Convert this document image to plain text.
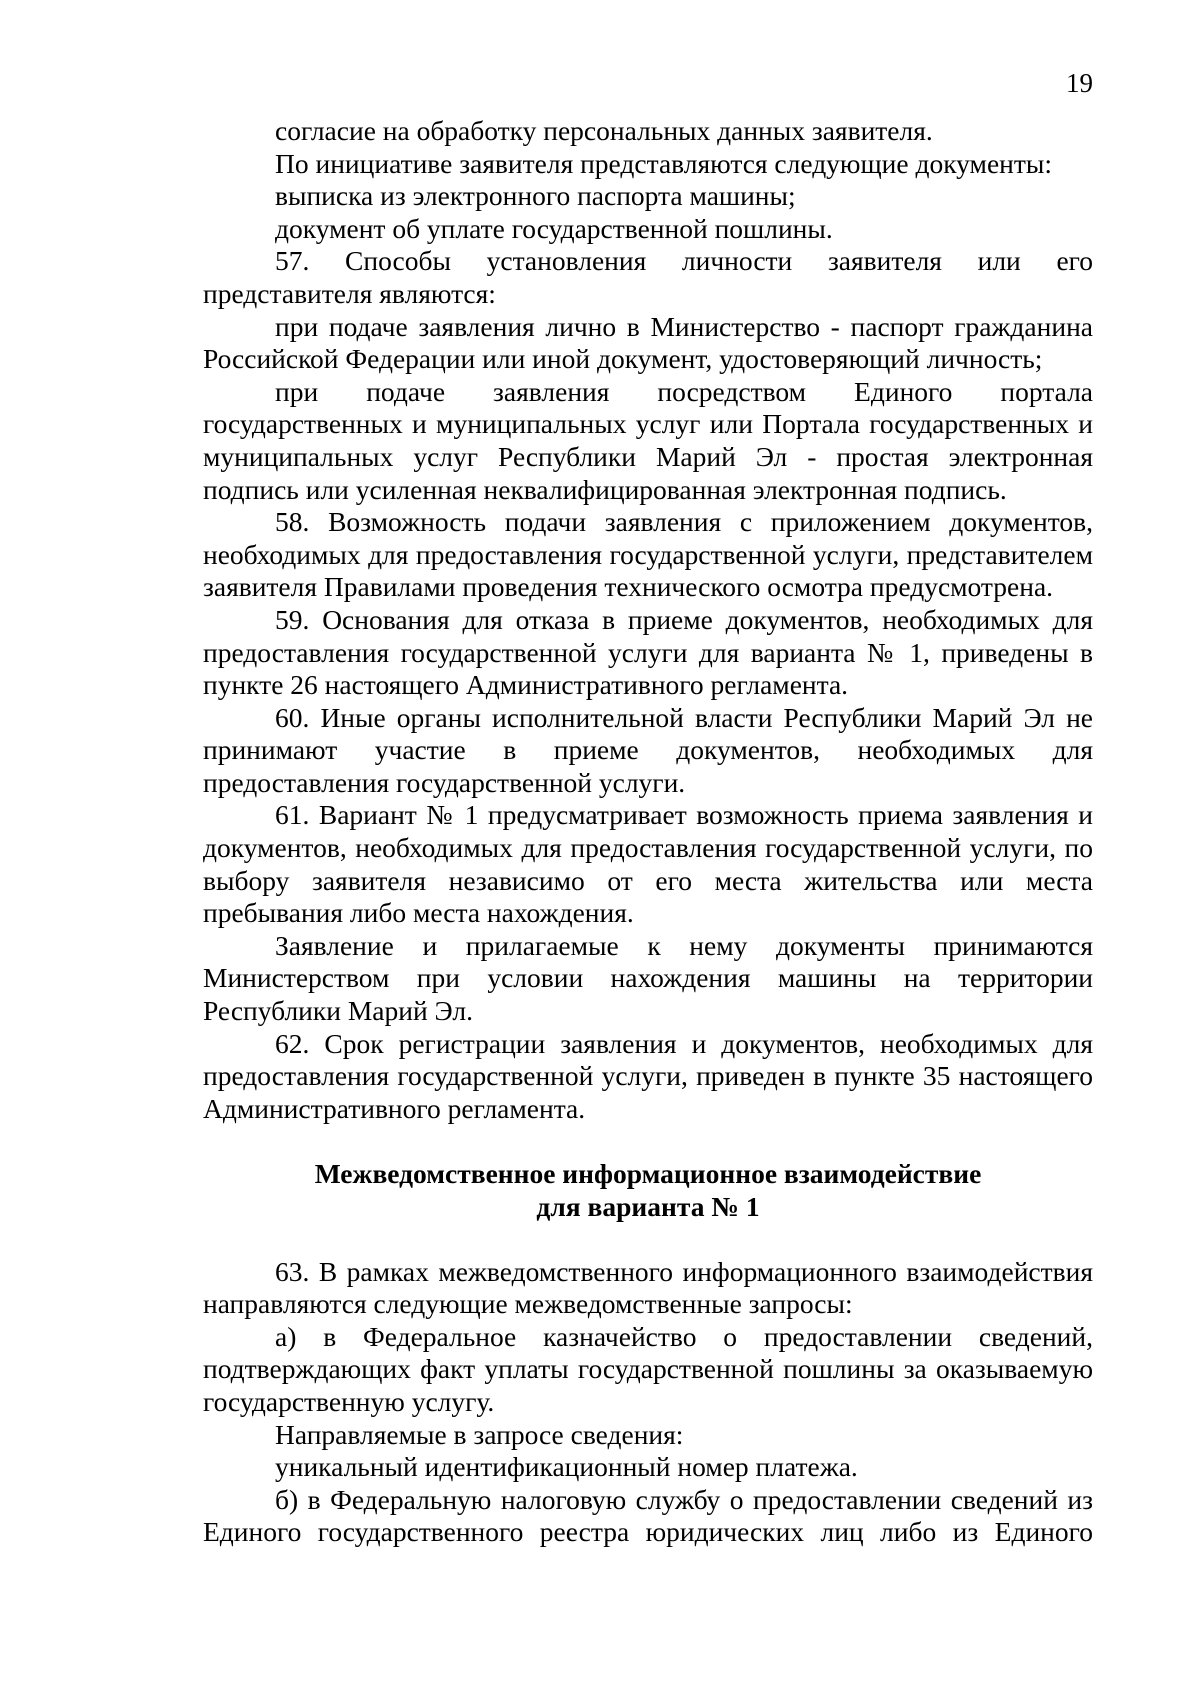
19

согласие на обработку персональных данных заявителя.

По инициативе заявителя представляются следующие документы:

выписка из электронного паспорта машины;

документ об уплате государственной пошлины.

57. Способы установления личности заявителя или его представителя являются:

при подаче заявления лично в Министерство - паспорт гражданина Российской Федерации или иной документ, удостоверяющий личность;

при подаче заявления посредством Единого портала государственных и муниципальных услуг или Портала государственных и муниципальных услуг Республики Марий Эл - простая электронная подпись или усиленная неквалифицированная электронная подпись.

58. Возможность подачи заявления с приложением документов, необходимых для предоставления государственной услуги, представителем заявителя Правилами проведения технического осмотра предусмотрена.

59. Основания для отказа в приеме документов, необходимых для предоставления государственной услуги для варианта № 1, приведены в пункте 26 настоящего Административного регламента.

60. Иные органы исполнительной власти Республики Марий Эл не принимают участие в приеме документов, необходимых для предоставления государственной услуги.

61. Вариант № 1 предусматривает возможность приема заявления и документов, необходимых для предоставления государственной услуги, по выбору заявителя независимо от его места жительства или места пребывания либо места нахождения.

Заявление и прилагаемые к нему документы принимаются Министерством при условии нахождения машины на территории Республики Марий Эл.

62. Срок регистрации заявления и документов, необходимых для предоставления государственной услуги, приведен в пункте 35 настоящего Административного регламента.

Межведомственное информационное взаимодействие
для варианта № 1

63. В рамках межведомственного информационного взаимодействия направляются следующие межведомственные запросы:

а) в Федеральное казначейство о предоставлении сведений, подтверждающих факт уплаты государственной пошлины за оказываемую государственную услугу.

Направляемые в запросе сведения:

уникальный идентификационный номер платежа.

б) в Федеральную налоговую службу о предоставлении сведений из Единого государственного реестра юридических лиц либо из Единого
